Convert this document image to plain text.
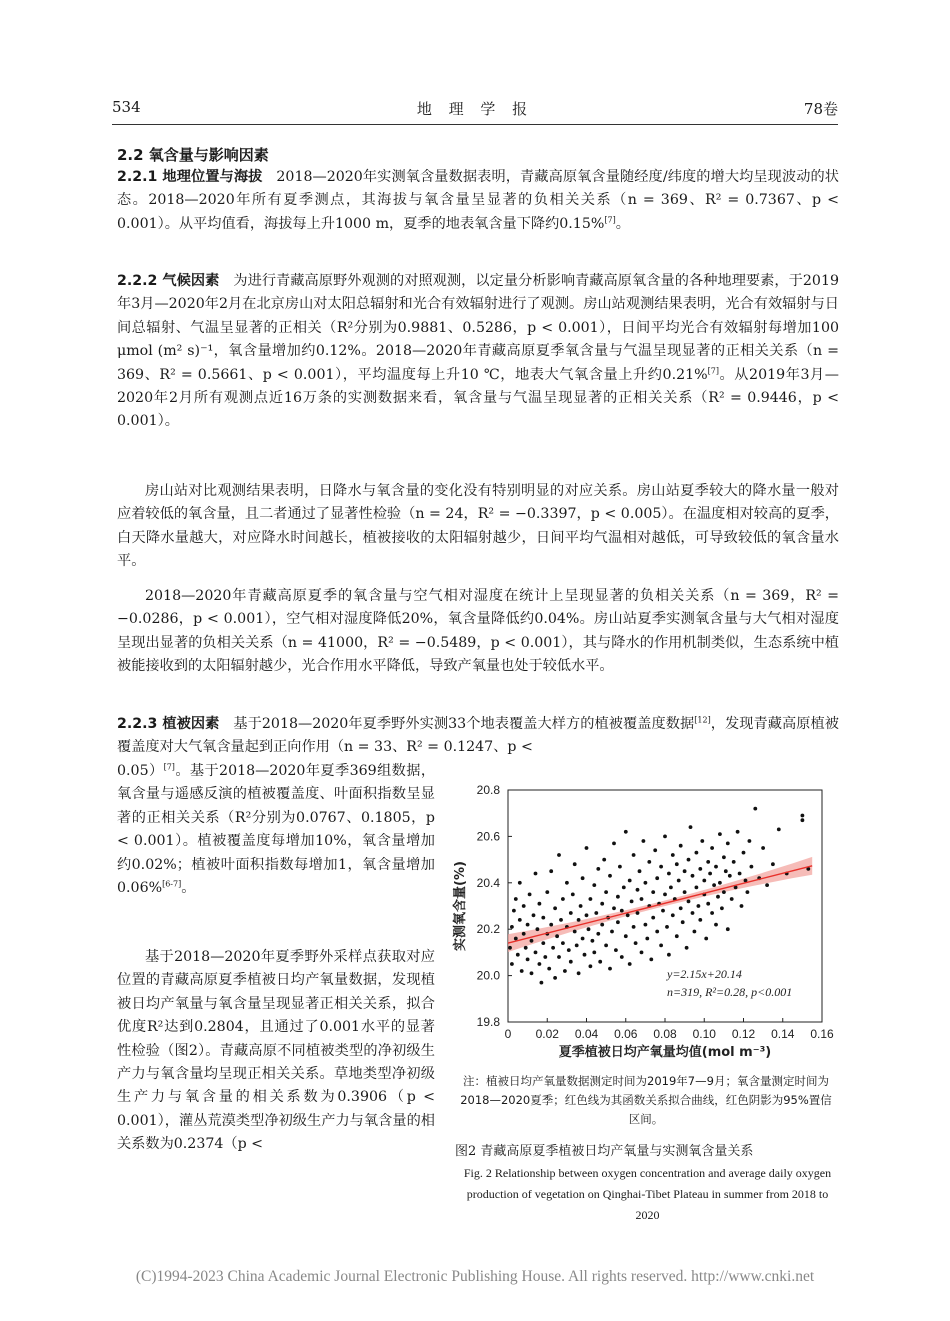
534	地 理 学 报	78卷
2.2 氧含量与影响因素

2.2.1 地理位置与海拔 2018—2020年实测氧含量数据表明，青藏高原氧含量随经度/纬度的增大均呈现波动的状态。2018—2020年所有夏季测点，其海拔与氧含量呈显著的负相关关系（n = 369、R² = 0.7367、p < 0.001）。从平均值看，海拔每上升1000 m，夏季的地表氧含量下降约0.15%[7]。

2.2.2 气候因素 为进行青藏高原野外观测的对照观测，以定量分析影响青藏高原氧含量的各种地理要素，于2019年3月—2020年2月在北京房山对太阳总辐射和光合有效辐射进行了观测。房山站观测结果表明，光合有效辐射与日间总辐射、气温呈显著的正相关（R²分别为0.9881、0.5286，p < 0.001），日间平均光合有效辐射每增加100 μmol (m² s)⁻¹，氧含量增加约0.12%。2018—2020年青藏高原夏季氧含量与气温呈现显著的正相关关系（n = 369、R² = 0.5661、p < 0.001），平均温度每上升10 ℃，地表大气氧含量上升约0.21%[7]。从2019年3月—2020年2月所有观测点近16万条的实测数据来看，氧含量与气温呈现显著的正相关关系（R² = 0.9446，p < 0.001）。

房山站对比观测结果表明，日降水与氧含量的变化没有特别明显的对应关系。房山站夏季较大的降水量一般对应着较低的氧含量，且二者通过了显著性检验（n = 24，R² = −0.3397，p < 0.005）。在温度相对较高的夏季，白天降水量越大，对应降水时间越长，植被接收的太阳辐射越少，日间平均气温相对越低，可导致较低的氧含量水平。

2018—2020年青藏高原夏季的氧含量与空气相对湿度在统计上呈现显著的负相关关系（n = 369，R² = −0.0286，p < 0.001），空气相对湿度降低20%，氧含量降低约0.04%。房山站夏季实测氧含量与大气相对湿度呈现出显著的负相关关系（n = 41000，R² = −0.5489，p < 0.001），其与降水的作用机制类似，生态系统中植被能接收到的太阳辐射越少，光合作用水平降低，导致产氧量也处于较低水平。

2.2.3 植被因素 基于2018—2020年夏季野外实测33个地表覆盖大样方的植被覆盖度数据[12]，发现青藏高原植被覆盖度对大气氧含量起到正向作用（n = 33、R² = 0.1247、p <

0.05）[7]。基于2018—2020年夏季369组数据，氧含量与遥感反演的植被覆盖度、叶面积指数呈显著的正相关关系（R²分别为0.0767、0.1805，p < 0.001）。植被覆盖度每增加10%，氧含量增加约0.02%；植被叶面积指数每增加1，氧含量增加0.06%[6-7]。

基于2018—2020年夏季野外采样点获取对应位置的青藏高原夏季植被日均产氧量数据，发现植被日均产氧量与氧含量呈现显著正相关关系，拟合优度R²达到0.2804，且通过了0.001水平的显著性检验（图2）。青藏高原不同植被类型的净初级生产力与氧含量均呈现正相关关系。草地类型净初级生产力与氧含量的相关系数为0.3906（p < 0.001），灌丛荒漠类型净初级生产力与氧含量的相关系数为0.2374（p <

0 0.02 0.04 0.06 0.08 0.10 0.12 0.14 0.16
19.8
20.0
20.2
20.4
20.6
20.8
夏季植被日均产氧量均值(mol m⁻³)
实测氧含量(%)
y=2.15x+20.14
n=319, R²=0.28, p<0.001
注：植被日均产氧量数据测定时间为2019年7—9月；氧含量测定时间为2018—2020夏季；红色线为其函数关系拟合曲线，红色阴影为95%置信区间。
图2 青藏高原夏季植被日均产氧量与实测氧含量关系
Fig. 2 Relationship between oxygen concentration and average daily oxygen production of vegetation on Qinghai-Tibet Plateau in summer from 2018 to 2020
(C)1994-2023 China Academic Journal Electronic Publishing House. All rights reserved. http://www.cnki.net
